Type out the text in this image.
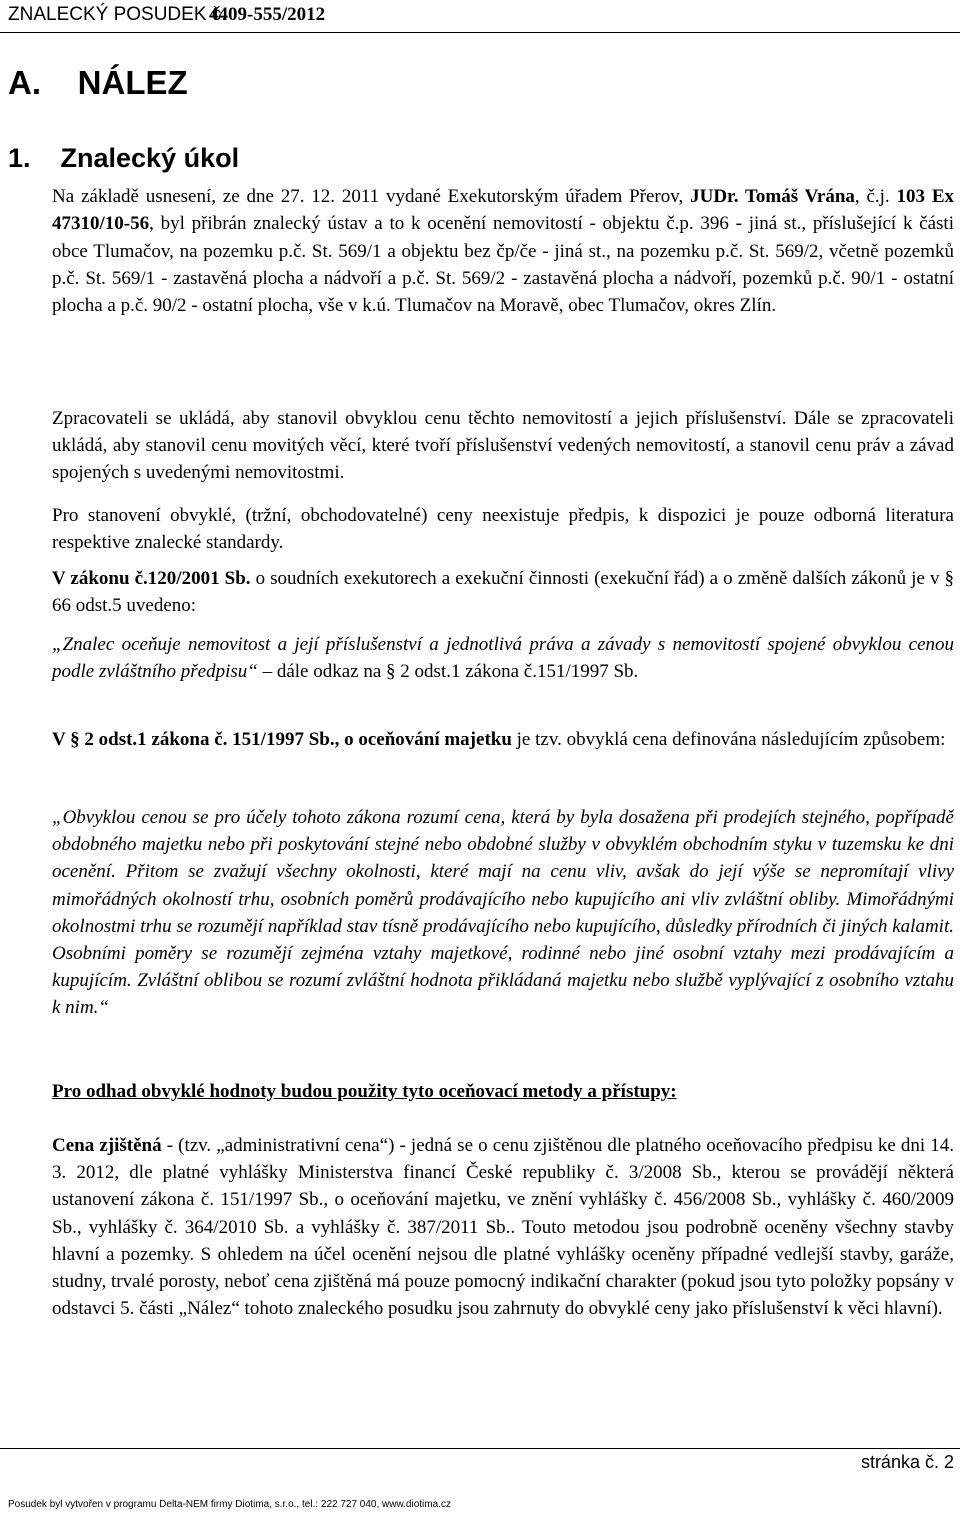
ZNALECKÝ POSUDEK č.
4409-555/2012
A.    NÁLEZ
1.    Znalecký úkol
Na základě usnesení, ze dne 27. 12. 2011 vydané Exekutorským úřadem Přerov, JUDr. Tomáš Vrána, č.j. 103 Ex 47310/10-56, byl přibrán znalecký ústav a to k ocenění nemovitostí - objektu č.p. 396 - jiná st., příslušející k části obce Tlumačov, na pozemku p.č. St. 569/1 a objektu bez čp/če - jiná st., na pozemku p.č. St. 569/2, včetně pozemků p.č. St. 569/1 - zastavěná plocha a nádvoří a p.č. St. 569/2 - zastavěná plocha a nádvoří, pozemků p.č. 90/1 - ostatní plocha a p.č. 90/2 - ostatní plocha, vše v k.ú. Tlumačov na Moravě, obec Tlumačov, okres Zlín.
Zpracovateli se ukládá, aby stanovil obvyklou cenu těchto nemovitostí a jejich příslušenství. Dále se zpracovateli ukládá, aby stanovil cenu movitých věcí, které tvoří příslušenství vedených nemovitostí, a stanovil cenu práv a závad spojených s uvedenými nemovitostmi.
Pro stanovení obvyklé, (tržní, obchodovatelné) ceny neexistuje předpis, k dispozici je pouze odborná literatura respektive znalecké standardy.
V zákonu č.120/2001 Sb. o soudních exekutorech a exekuční činnosti (exekuční řád) a o změně dalších zákonů je v § 66 odst.5 uvedeno:
„Znalec oceňuje nemovitost a její příslušenství a jednotlivá práva a závady s nemovitostí spojené obvyklou cenou podle zvláštního předpisu“ – dále odkaz na § 2 odst.1 zákona č.151/1997 Sb.
V § 2 odst.1 zákona č. 151/1997 Sb., o oceňování majetku je tzv. obvyklá cena definována následujícím způsobem:
„Obvyklou cenou se pro účely tohoto zákona rozumí cena, která by byla dosažena při prodejích stejného, popřípadě obdobného majetku nebo při poskytování stejné nebo obdobné služby v obvyklém obchodním styku v tuzemsku ke dni ocenění. Přitom se zvažují všechny okolnosti, které mají na cenu vliv, avšak do její výše se nepromítají vlivy mimořádných okolností trhu, osobních poměrů prodávajícího nebo kupujícího ani vliv zvláštní obliby. Mimořádnými okolnostmi trhu se rozumějí například stav tísně prodávajícího nebo kupujícího, důsledky přírodních či jiných kalamit. Osobními poměry se rozumějí zejména vztahy majetkové, rodinné nebo jiné osobní vztahy mezi prodávajícím a kupujícím. Zvláštní oblibou se rozumí zvláštní hodnota přikládaná majetku nebo službě vyplývající z osobního vztahu k nim.“
Pro odhad obvyklé hodnoty budou použity tyto oceňovací metody a přístupy:
Cena zjištěná - (tzv. „administrativní cena“) - jedná se o cenu zjištěnou dle platného oceňovacího předpisu ke dni 14. 3. 2012, dle platné vyhlášky Ministerstva financí České republiky č. 3/2008 Sb., kterou se provádějí některá ustanovení zákona č. 151/1997 Sb., o oceňování majetku, ve znění vyhlášky č. 456/2008 Sb., vyhlášky č. 460/2009 Sb., vyhlášky č. 364/2010 Sb. a vyhlášky č. 387/2011 Sb.. Touto metodou jsou podrobně oceněny všechny stavby hlavní a pozemky. S ohledem na účel ocenění nejsou dle platné vyhlášky oceněny případné vedlejší stavby, garáže, studny, trvalé porosty, neboť cena zjištěná má pouze pomocný indikační charakter (pokud jsou tyto položky popsány v odstavci 5. části „Nález“ tohoto znaleckého posudku jsou zahrnuty do obvyklé ceny jako příslušenství k věci hlavní).
stránka č. 2
Posudek byl vytvořen v programu Delta-NEM firmy Diotima, s.r.o., tel.: 222 727 040, www.diotima.cz
